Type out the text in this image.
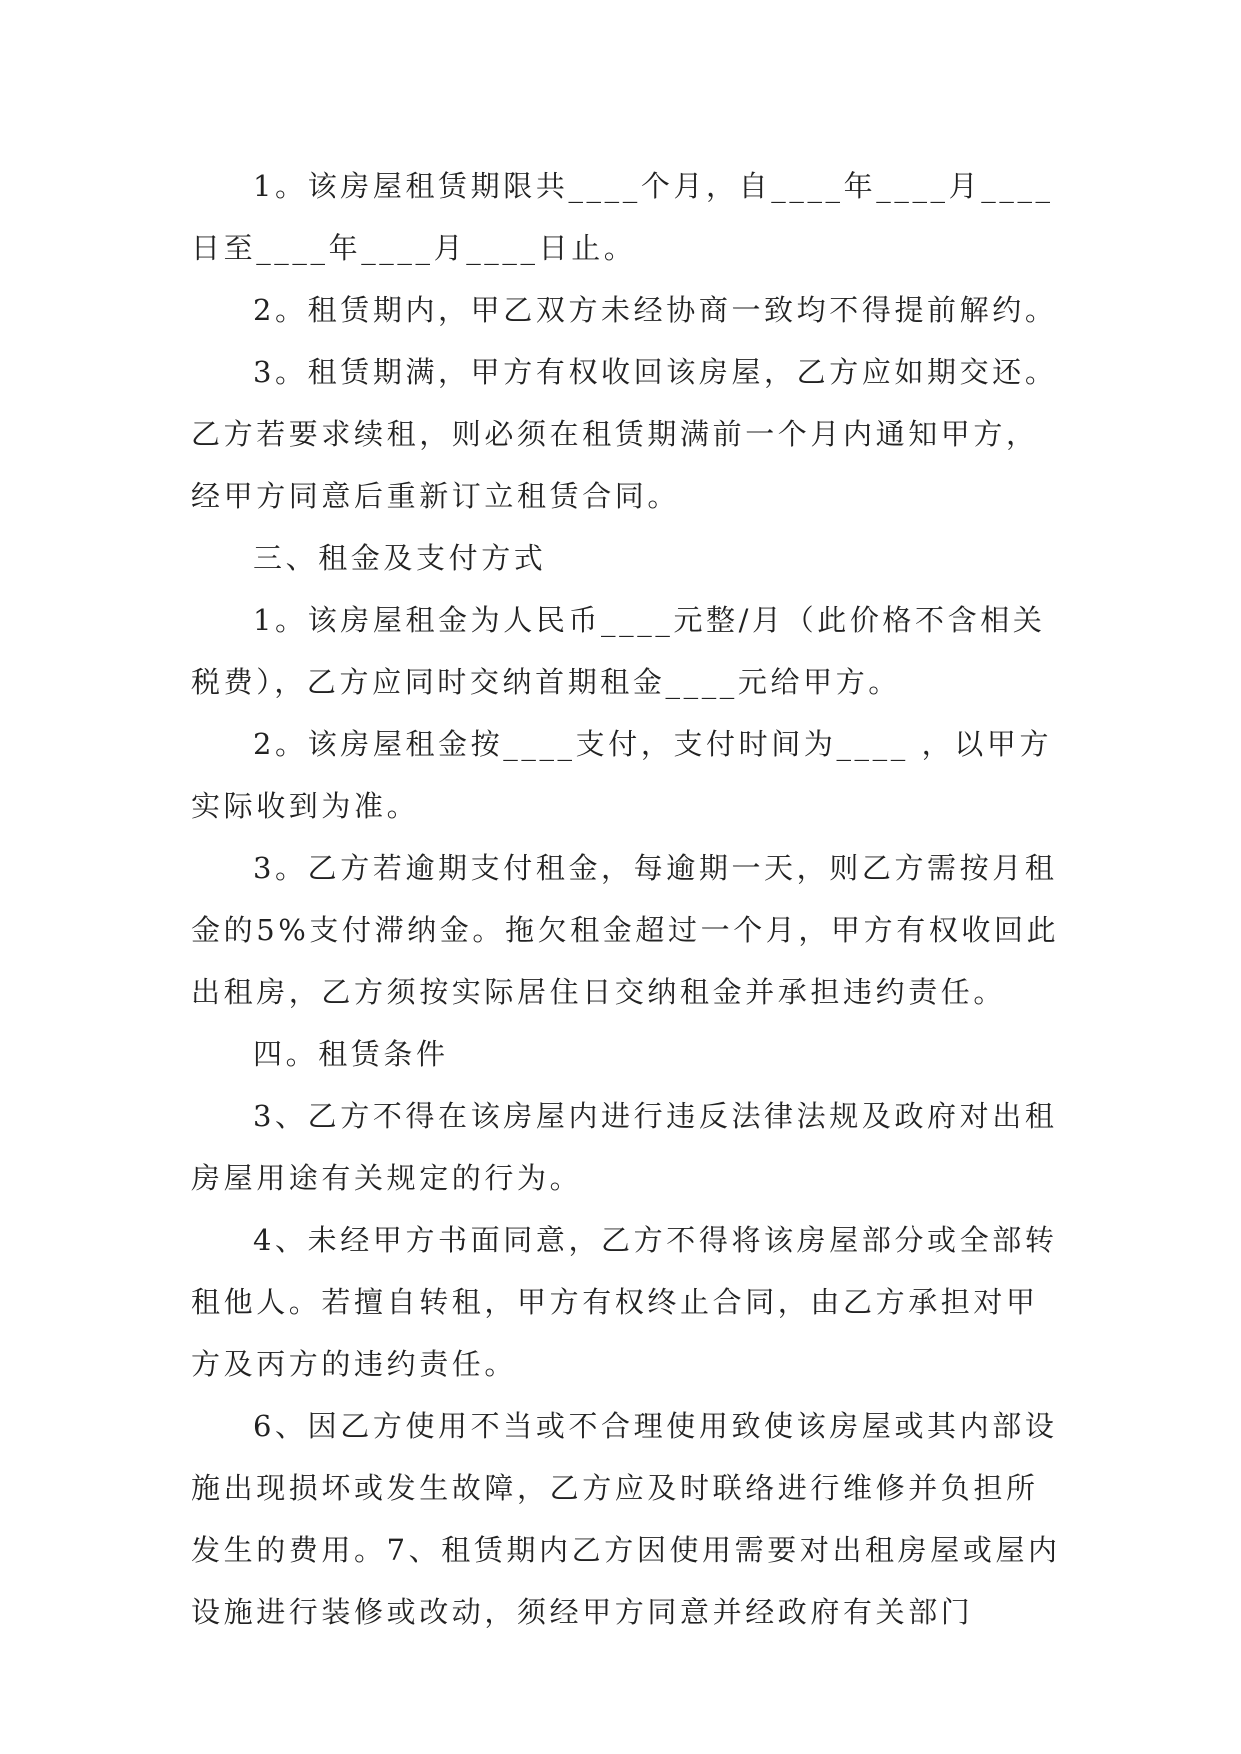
1。该房屋租赁期限共____个月，自____年____月____日至____年____月____日止。

2。租赁期内，甲乙双方未经协商一致均不得提前解约。

3。租赁期满，甲方有权收回该房屋，乙方应如期交还。乙方若要求续租，则必须在租赁期满前一个月内通知甲方，经甲方同意后重新订立租赁合同。

三、租金及支付方式

1。该房屋租金为人民币____元整/月（此价格不含相关税费），乙方应同时交纳首期租金____元给甲方。

2。该房屋租金按____支付，支付时间为____ ，以甲方实际收到为准。

3。乙方若逾期支付租金，每逾期一天，则乙方需按月租金的5%支付滞纳金。拖欠租金超过一个月，甲方有权收回此出租房，乙方须按实际居住日交纳租金并承担违约责任。

四。租赁条件

3、乙方不得在该房屋内进行违反法律法规及政府对出租房屋用途有关规定的行为。

4、未经甲方书面同意，乙方不得将该房屋部分或全部转租他人。若擅自转租，甲方有权终止合同，由乙方承担对甲方及丙方的违约责任。

6、因乙方使用不当或不合理使用致使该房屋或其内部设施出现损坏或发生故障，乙方应及时联络进行维修并负担所发生的费用。7、租赁期内乙方因使用需要对出租房屋或屋内设施进行装修或改动，须经甲方同意并经政府有关部门
